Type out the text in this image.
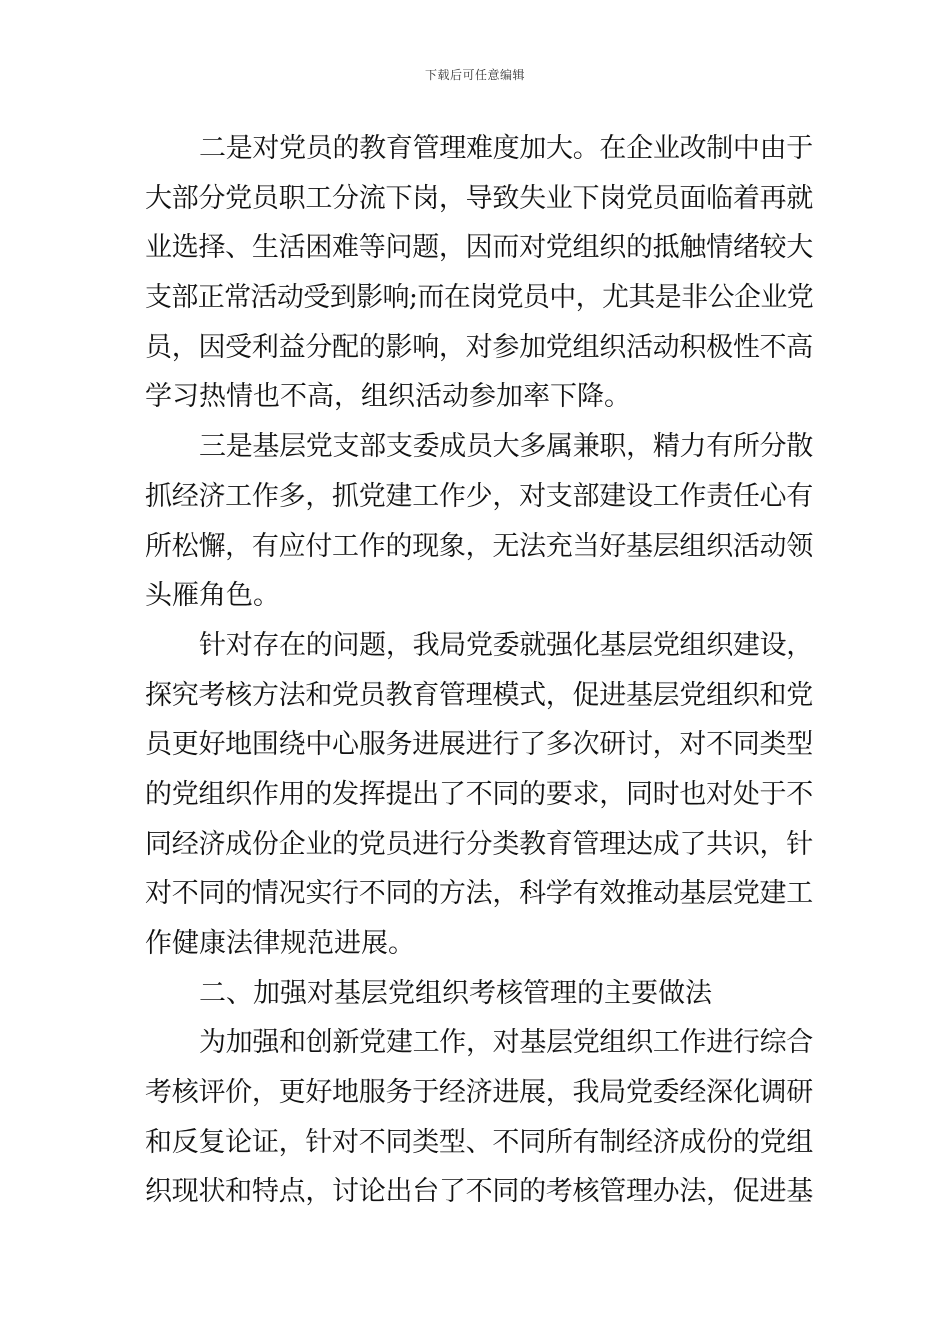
下载后可任意编辑
二是对党员的教育管理难度加大。在企业改制中由于
大部分党员职工分流下岗，导致失业下岗党员面临着再就
业选择、生活困难等问题，因而对党组织的抵触情绪较大
支部正常活动受到影响;而在岗党员中，尤其是非公企业党
员，因受利益分配的影响，对参加党组织活动积极性不高
学习热情也不高，组织活动参加率下降。
三是基层党支部支委成员大多属兼职，精力有所分散
抓经济工作多，抓党建工作少，对支部建设工作责任心有
所松懈，有应付工作的现象，无法充当好基层组织活动领
头雁角色。
针对存在的问题，我局党委就强化基层党组织建设，
探究考核方法和党员教育管理模式，促进基层党组织和党
员更好地围绕中心服务进展进行了多次研讨，对不同类型
的党组织作用的发挥提出了不同的要求，同时也对处于不
同经济成份企业的党员进行分类教育管理达成了共识，针
对不同的情况实行不同的方法，科学有效推动基层党建工
作健康法律规范进展。
二、加强对基层党组织考核管理的主要做法
为加强和创新党建工作，对基层党组织工作进行综合
考核评价，更好地服务于经济进展，我局党委经深化调研
和反复论证，针对不同类型、不同所有制经济成份的党组
织现状和特点，讨论出台了不同的考核管理办法，促进基
